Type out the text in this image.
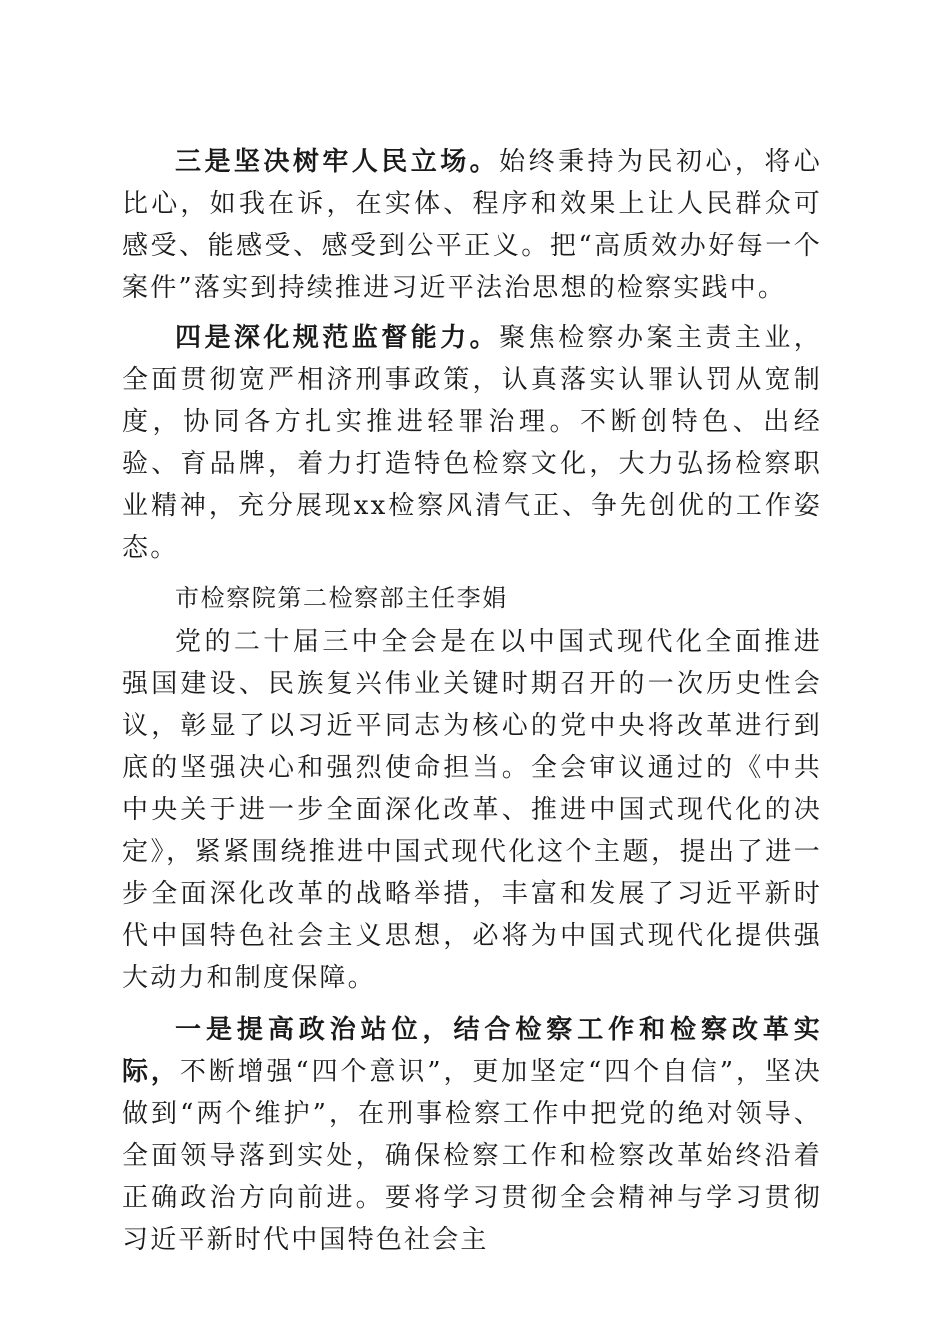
三是坚决树牢人民立场。始终秉持为民初心，将心比心，如我在诉，在实体、程序和效果上让人民群众可感受、能感受、感受到公平正义。把“高质效办好每一个案件”落实到持续推进习近平法治思想的检察实践中。

四是深化规范监督能力。聚焦检察办案主责主业，全面贯彻宽严相济刑事政策，认真落实认罪认罚从宽制度，协同各方扎实推进轻罪治理。不断创特色、出经验、育品牌，着力打造特色检察文化，大力弘扬检察职业精神，充分展现xx检察风清气正、争先创优的工作姿态。

市检察院第二检察部主任李娟

党的二十届三中全会是在以中国式现代化全面推进强国建设、民族复兴伟业关键时期召开的一次历史性会议，彰显了以习近平同志为核心的党中央将改革进行到底的坚强决心和强烈使命担当。全会审议通过的《中共中央关于进一步全面深化改革、推进中国式现代化的决定》，紧紧围绕推进中国式现代化这个主题，提出了进一步全面深化改革的战略举措，丰富和发展了习近平新时代中国特色社会主义思想，必将为中国式现代化提供强大动力和制度保障。

一是提高政治站位，结合检察工作和检察改革实际，不断增强“四个意识”，更加坚定“四个自信”，坚决做到“两个维护”，在刑事检察工作中把党的绝对领导、全面领导落到实处，确保检察工作和检察改革始终沿着正确政治方向前进。要将学习贯彻全会精神与学习贯彻习近平新时代中国特色社会主
